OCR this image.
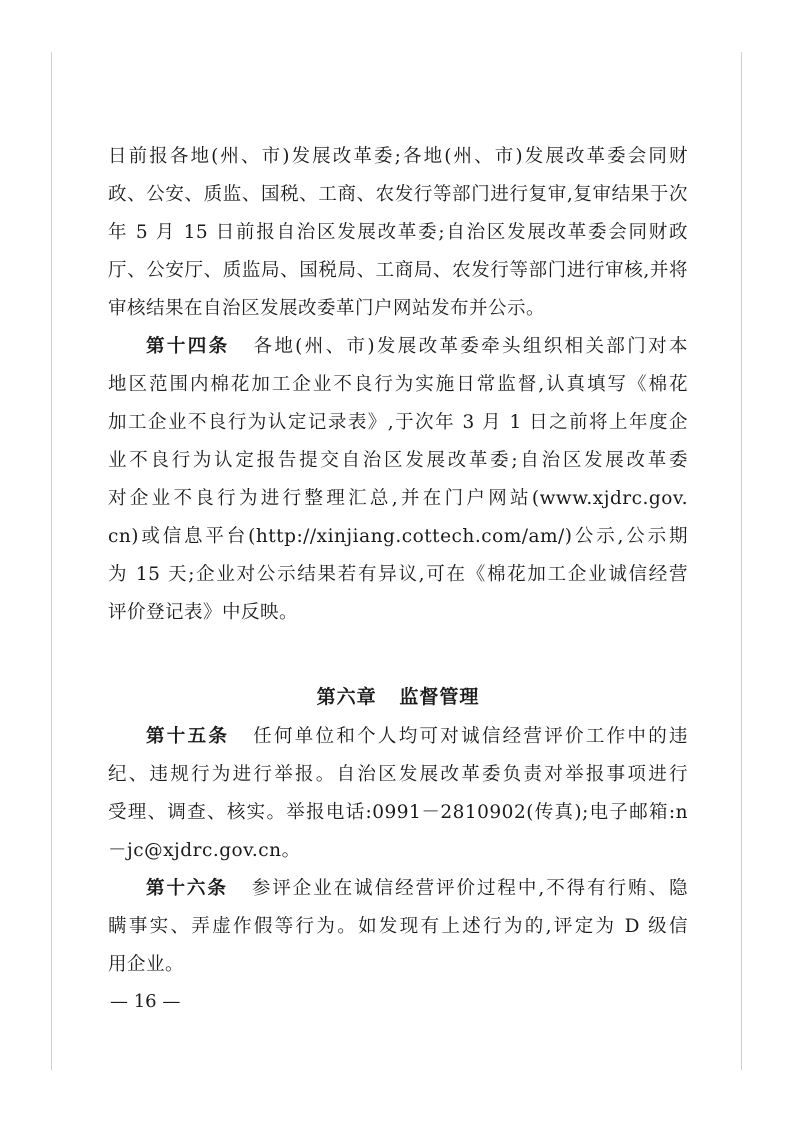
日前报各地(州、市)发展改革委;各地(州、市)发展改革委会同财
政、公安、质监、国税、工商、农发行等部门进行复审,复审结果于次
年 5 月 15 日前报自治区发展改革委;自治区发展改革委会同财政
厅、公安厅、质监局、国税局、工商局、农发行等部门进行审核,并将
审核结果在自治区发展改委革门户网站发布并公示。
第十四条 各地(州、市)发展改革委牵头组织相关部门对本
地区范围内棉花加工企业不良行为实施日常监督,认真填写《棉花
加工企业不良行为认定记录表》,于次年 3 月 1 日之前将上年度企
业不良行为认定报告提交自治区发展改革委;自治区发展改革委
对企业不良行为进行整理汇总,并在门户网站(www.xjdrc.gov.
cn)或信息平台(http://xinjiang.cottech.com/am/)公示,公示期
为 15 天;企业对公示结果若有异议,可在《棉花加工企业诚信经营
评价登记表》中反映。
第六章   监督管理
第十五条 任何单位和个人均可对诚信经营评价工作中的违
纪、违规行为进行举报。自治区发展改革委负责对举报事项进行
受理、调查、核实。举报电话:0991－2810902(传真);电子邮箱:n
－jc@xjdrc.gov.cn。
第十六条 参评企业在诚信经营评价过程中,不得有行贿、隐
瞒事实、弄虚作假等行为。如发现有上述行为的,评定为 D 级信
用企业。
— 16 —
